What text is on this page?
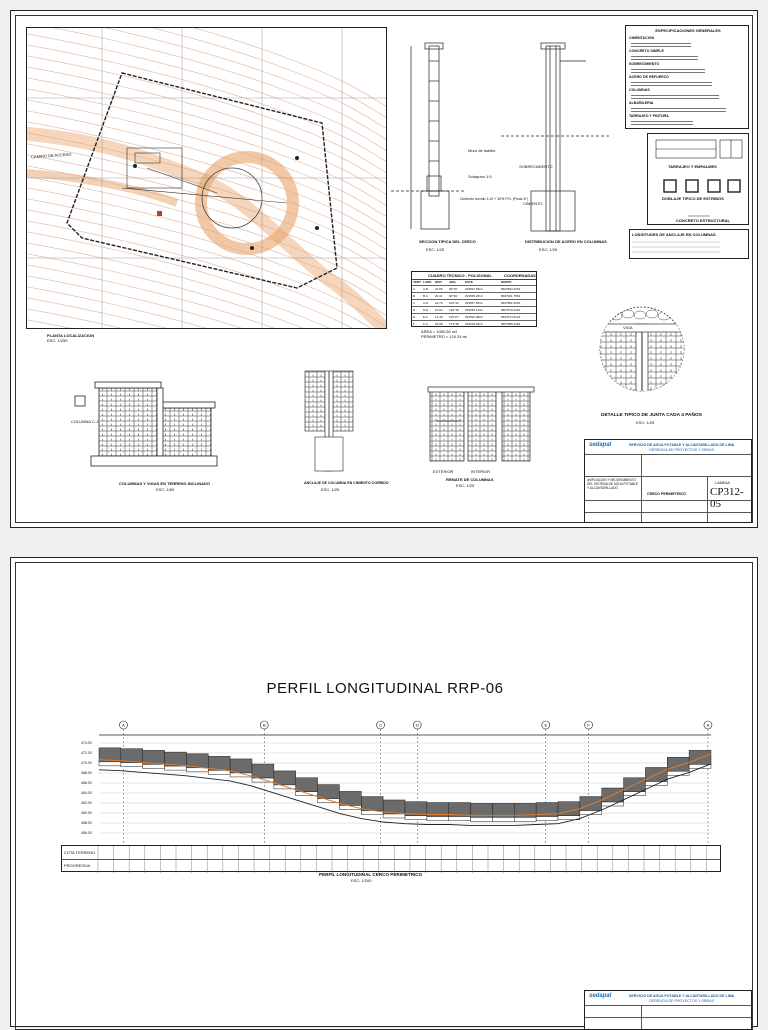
CAMINO DE ACCESO
PLANTA LOCALIZACION
ESC: 1/250
Muro de ladrillo
Solaqueo 1:5
Cimiento corrido 1:10 + 30% P.G. (Fmax 6")
SECCION TIPICA DEL CERCO
ESC: 1/25
SOBRECIMIENTO
CIMIENTO
DISTRIBUCION DE ACERO EN COLUMNAS
ESC: 1/25
ESPECIFICACIONES GENERALES
CIMENTACION
CONCRETO SIMPLE
SOBRECIMIENTO
ACERO DE REFUERZO
COLUMNAS
ALBAÑILERIA
TARRAJEO Y PINTURA
TARRAJEO Y EMPALMES
DOBLAJE TIPICO DE ESTRIBOS
CONCRETO ESTRUCTURAL
LONGITUDES DE ANCLAJE EN COLUMNAS
CUADRO TECNICO - POLIGONAL	COORDENADAS
VERT LADO DIST. ANG.	ESTE	NORTE
A	A-B 31.85 96°15'	293527.5314	8667894.3254
B	B-C 20.41 90°39'	293558.2614	8667901.7584
C	C-D 24.70 102°44' 293557.5614	8667881.5654
D	D-E 10.92 140°16' 293535.1234	8667870.5464
E	E-F 12.48 115°27' 293526.3824	8667874.5124
F	F-A 22.98 174°38' 293518.4914	8667886.3494
AREA = 1050.55 m2
PERIMETRO = 124.34 ml
VIGA
DETALLE TIPICO DE JUNTA CADA 4 PAÑOS
ESC: 1/25
COLUMNA C-1
COLUMNAS Y VIGAS EN TERRENO INCLINADO
ESC: 1/50
ANCLAJE DE COLUMNA EN CIMIENTO CORRIDO
ESC: 1/25
EXTERIOR	INTERIOR
REMATE DE COLUMNAS
ESC: 1/25
sedapal	SERVICIO DE AGUA POTABLE Y ALCANTARILLADO DE LIMA
GERENCIA DE PROYECTOS Y OBRAS
AMPLIACION Y MEJORAMIENTO DEL SISTEMA DE AGUA POTABLE Y ALCANTARILLADO
CERCO PERIMETRICO CP312-05
LAMINA
PERFIL LONGITUDINAL RRP-06
A	B	C	D	E	F	A
474.00
472.00
470.00
468.00
466.00
464.00
462.00
460.00
458.00
456.00
COTA TERRENO
PROGRESIVA
PERFIL LONGITUDINAL CERCO PERIMETRICO
ESC: 1/200
sedapal	SERVICIO DE AGUA POTABLE Y ALCANTARILLADO DE LIMA
GERENCIA DE PROYECTOS Y OBRAS
